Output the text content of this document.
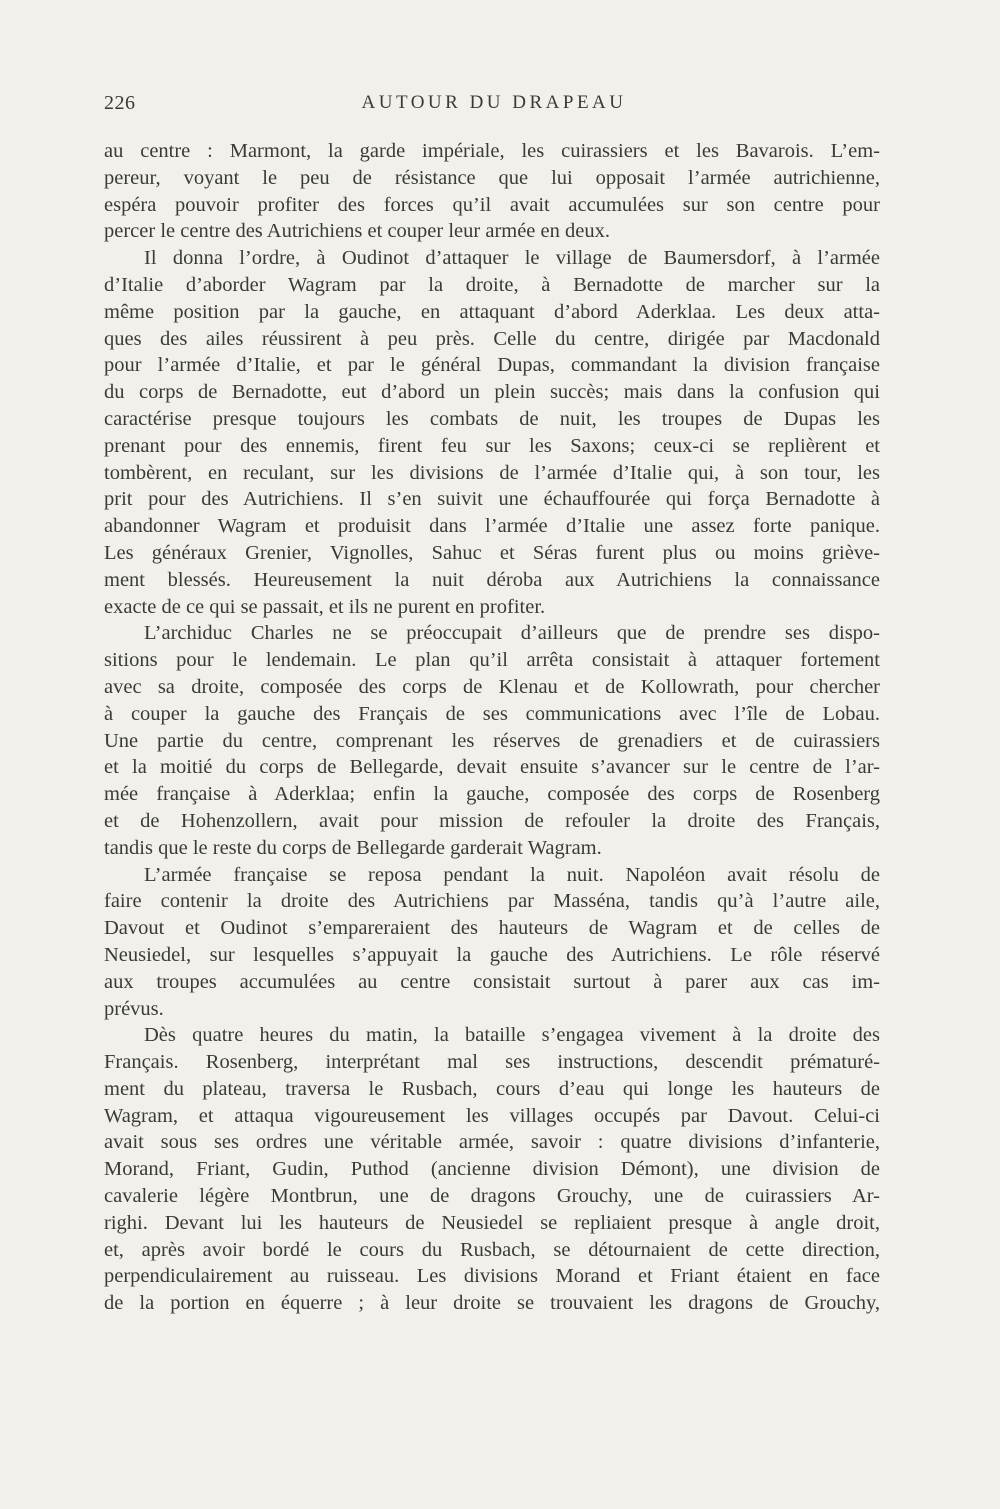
226	AUTOUR DU DRAPEAU
au centre : Marmont, la garde impériale, les cuirassiers et les Bavarois. L’em-
pereur, voyant le peu de résistance que lui opposait l’armée autrichienne,
espéra pouvoir profiter des forces qu’il avait accumulées sur son centre pour
percer le centre des Autrichiens et couper leur armée en deux.
Il donna l’ordre, à Oudinot d’attaquer le village de Baumersdorf, à l’armée
d’Italie d’aborder Wagram par la droite, à Bernadotte de marcher sur la
même position par la gauche, en attaquant d’abord Aderklaa. Les deux atta-
ques des ailes réussirent à peu près. Celle du centre, dirigée par Macdonald
pour l’armée d’Italie, et par le général Dupas, commandant la division française
du corps de Bernadotte, eut d’abord un plein succès; mais dans la confusion qui
caractérise presque toujours les combats de nuit, les troupes de Dupas les
prenant pour des ennemis, firent feu sur les Saxons; ceux-ci se replièrent et
tombèrent, en reculant, sur les divisions de l’armée d’Italie qui, à son tour, les
prit pour des Autrichiens. Il s’en suivit une échauffourée qui força Bernadotte à
abandonner Wagram et produisit dans l’armée d’Italie une assez forte panique.
Les généraux Grenier, Vignolles, Sahuc et Séras furent plus ou moins grièvе-
ment blessés. Heureusement la nuit déroba aux Autrichiens la connaissance
exacte de ce qui se passait, et ils ne purent en profiter.
L’archiduc Charles ne se préoccupait d’ailleurs que de prendre ses dispo-
sitions pour le lendemain. Le plan qu’il arrêta consistait à attaquer fortement
avec sa droite, composée des corps de Klenau et de Kollowrath, pour chercher
à couper la gauche des Français de ses communications avec l’île de Lobau.
Une partie du centre, comprenant les réserves de grenadiers et de cuirassiers
et la moitié du corps de Bellegarde, devait ensuite s’avancer sur le centre de l’ar-
mée française à Aderklaa; enfin la gauche, composée des corps de Rosenberg
et de Hohenzollern, avait pour mission de refouler la droite des Français,
tandis que le reste du corps de Bellegarde garderait Wagram.
L’armée française se reposa pendant la nuit. Napoléon avait résolu de
faire contenir la droite des Autrichiens par Masséna, tandis qu’à l’autre aile,
Davout et Oudinot s’empareraient des hauteurs de Wagram et de celles de
Neusiedel, sur lesquelles s’appuyait la gauche des Autrichiens. Le rôle réservé
aux troupes accumulées au centre consistait surtout à parer aux cas im-
prévus.
Dès quatre heures du matin, la bataille s’engagea vivement à la droite des
Français. Rosenberg, interprétant mal ses instructions, descendit prématuré-
ment du plateau, traversa le Rusbach, cours d’eau qui longe les hauteurs de
Wagram, et attaqua vigoureusement les villages occupés par Davout. Celui-ci
avait sous ses ordres une véritable armée, savoir : quatre divisions d’infanterie,
Morand, Friant, Gudin, Puthod (ancienne division Démont), une division de
cavalerie légère Montbrun, une de dragons Grouchy, une de cuirassiers Ar-
righi. Devant lui les hauteurs de Neusiedel se repliaient presque à angle droit,
et, après avoir bordé le cours du Rusbach, se détournaient de cette direction,
perpendiculairement au ruisseau. Les divisions Morand et Friant étaient en face
de la portion en équerre ; à leur droite se trouvaient les dragons de Grouchy,
